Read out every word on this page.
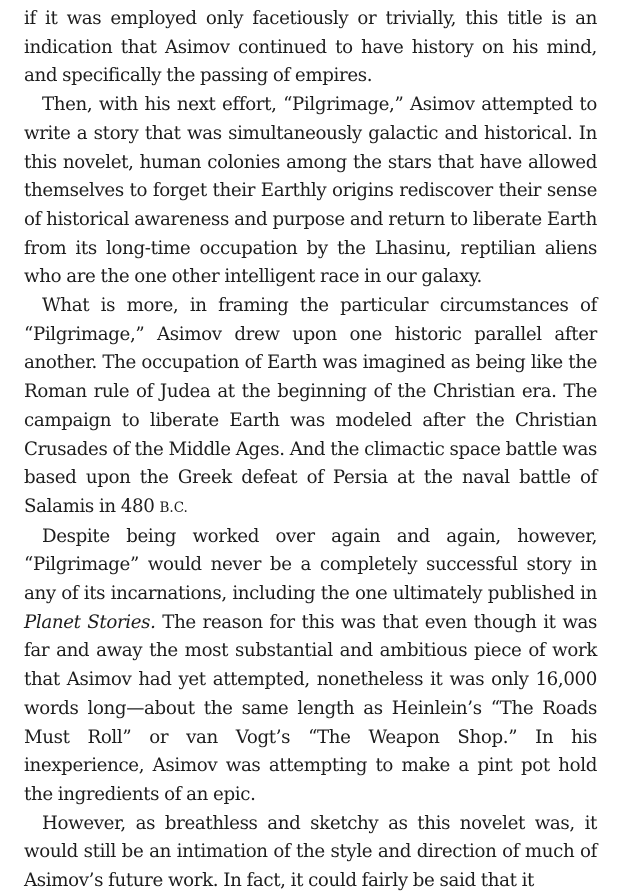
if it was employed only facetiously or trivially, this title is an indication that Asimov continued to have history on his mind, and specifically the passing of empires.

Then, with his next effort, “Pilgrimage,” Asimov attempted to write a story that was simultaneously galactic and historical. In this novelet, human colonies among the stars that have allowed themselves to forget their Earthly origins rediscover their sense of historical awareness and purpose and return to liberate Earth from its long-time occupation by the Lhasinu, reptilian aliens who are the one other intelligent race in our galaxy.

What is more, in framing the particular circumstances of “Pilgrimage,” Asimov drew upon one historic parallel after another. The occupation of Earth was imagined as being like the Roman rule of Judea at the beginning of the Christian era. The campaign to liberate Earth was modeled after the Christian Crusades of the Middle Ages. And the climactic space battle was based upon the Greek defeat of Persia at the naval battle of Salamis in 480 B.C.

Despite being worked over again and again, however, “Pilgrimage” would never be a completely successful story in any of its incarnations, including the one ultimately published in Planet Stories. The reason for this was that even though it was far and away the most substantial and ambitious piece of work that Asimov had yet attempted, nonetheless it was only 16,000 words long—about the same length as Heinlein’s “The Roads Must Roll” or van Vogt’s “The Weapon Shop.” In his inexperience, Asimov was attempting to make a pint pot hold the ingredients of an epic.

However, as breathless and sketchy as this novelet was, it would still be an intimation of the style and direction of much of Asimov’s future work. In fact, it could fairly be said that it
